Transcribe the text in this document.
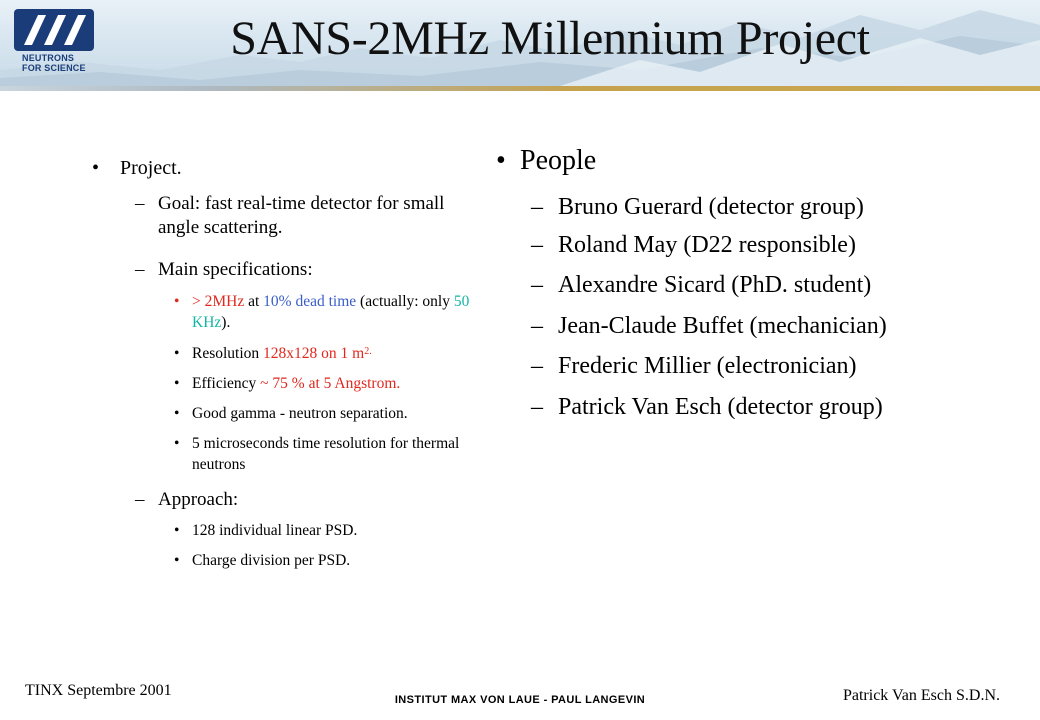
NEUTRONS
FOR SCIENCE
SANS-2MHz Millennium Project
• Project.
– Goal: fast real-time detector for small angle scattering.
– Main specifications:
• > 2MHz at 10% dead time (actually: only 50 KHz).
• Resolution 128x128 on 1 $m^{2.}$
• Efficiency ~ 75 % at 5 Angstrom.
• Good gamma - neutron separation.
• 5 microseconds time resolution for thermal neutrons
– Approach:
• 128 individual linear PSD.
• Charge division per PSD.
• People
– Bruno Guerard (detector group)
– Roland May (D22 responsible)
– Alexandre Sicard (PhD. student)
– Jean-Claude Buffet (mechanician)
– Frederic Millier (electronician)
– Patrick Van Esch (detector group)
TINX Septembre 2001
INSTITUT MAX VON LAUE - PAUL LANGEVIN	Patrick Van Esch S.D.N.
